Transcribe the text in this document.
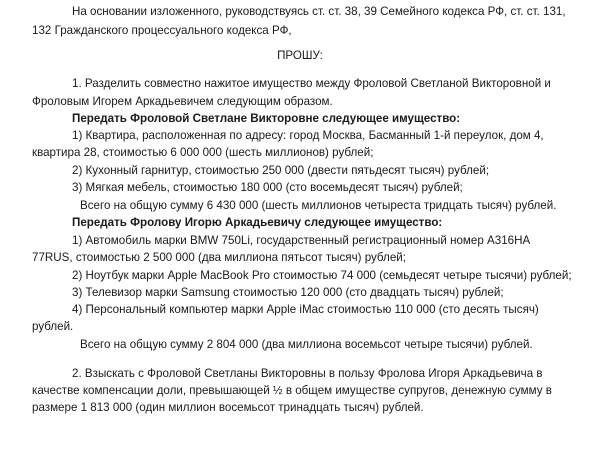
На основании изложенного, руководствуясь ст. ст. 38, 39 Семейного кодекса РФ, ст. ст. 131,
132 Гражданского процессуального кодекса РФ,
ПРОШУ:
1. Разделить совместно нажитое имущество между Фроловой Светланой Викторовной и
Фроловым Игорем Аркадьевичем следующим образом.
Передать Фроловой Светлане Викторовне следующее имущество:
1) Квартира, расположенная по адресу: город Москва, Басманный 1-й переулок, дом 4,
квартира 28, стоимостью 6 000 000 (шесть миллионов) рублей;
2) Кухонный гарнитур, стоимостью 250 000 (двести пятьдесят тысяч) рублей;
3) Мягкая мебель, стоимостью 180 000 (сто восемьдесят тысяч) рублей;
Всего на общую сумму 6 430 000 (шесть миллионов четыреста тридцать тысяч) рублей.
Передать Фролову Игорю Аркадьевичу следующее имущество:
1) Автомобиль марки BMW 750Li, государственный регистрационный номер А316НА
77RUS, стоимостью 2 500 000 (два миллиона пятьсот тысяч) рублей;
2) Ноутбук марки Apple MacBook Pro стоимостью 74 000 (семьдесят четыре тысячи) рублей;
3) Телевизор марки Samsung стоимостью 120 000 (сто двадцать тысяч) рублей;
4) Персональный компьютер марки Apple iMac стоимостью 110 000 (сто десять тысяч)
рублей.
Всего на общую сумму 2 804 000 (два миллиона восемьсот четыре тысячи) рублей.
2. Взыскать с Фроловой Светланы Викторовны в пользу Фролова Игоря Аркадьевича в
качестве компенсации доли, превышающей ½ в общем имуществе супругов, денежную сумму в
размере 1 813 000 (один миллион восемьсот тринадцать тысяч) рублей.
